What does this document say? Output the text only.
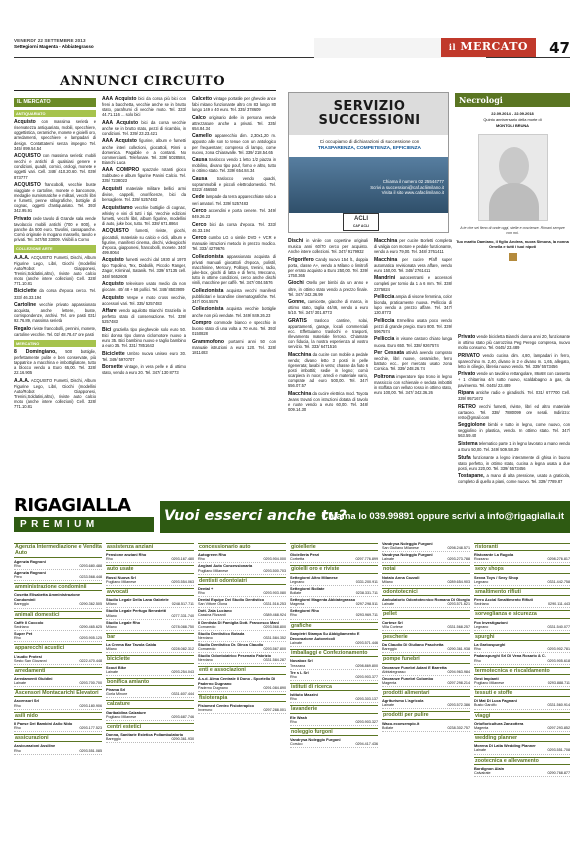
VENERDI' 22 SETTEMBRE 2013
Settegiorni Magenta - Abbiategrasso	il MERCATO	47
ANNUNCI CIRCUITO
IL MERCATO
ANTIQUARIATO

Acquisto con massima serietà e riservatezza antiquariato, mobili, specchiere, oggettistica, ceramiche, monete e gioielli oro, arredamenti, specchiere e lampadari di design. Contattatemi senza impegno Tel. 345/ 899.54.54

ACQUISTO con massima serietà: mobili vecchi e antichi di qualsiasi genere e condizioni, quadri, cornici, orologi, monete e oggetti vari. Cell. 348/ 410.20.60. Tel. 039/ 873777

ACQUISTO francobolli, vecchie buste viaggiate e cartoline, monete e banconote, medaglie numismatiche e militari, vecchi libri e fumetti, penne stilografiche, bottiglie di cognac, oggetti d'antiquariato. Tel. 393/ 342.95.91

Privato cede tavolo di Grande sala vende tavolaccio mobili antichi (700 e 800), e panche da 500 euro. Tavolini, cassapanche. Comò originale in mogano massello, tavolo e privati. Tel. 347/50 33009. Visibili a Corno

COLLEZIONE ARTE

A.A.A. ACQUISTO Fumetti, Dischi, Album Figurine Lego, Libri, Giochi (modellini Auto/Robot Giapponesi, Trenini,Soldatini,altro), riviste auto calcio moto (anche intere collezioni) Cell. 328/ 771.10.81

Biciclette da corsa d'epoca cerco. Tel. 333/ 46.33.194

Cartoline vecchie privato appassionato acquista, anche lettere, buste, corrispondenze, archivi. Tel. ore pasti 031/ 92.76.89, massima serietà

Regalo riviste francobolli, pennini, monete, cartoline vecchie. Tel. 02/ 48.78.47 ore pasti

MERCATINO

8 Domingiano, 500 bottiglie, perfettamente pulite e ben conservate, più tappatrice a macchina e imbottigliatore, tutto a blocco vendo a Euro 65,00. Tel. 328/ 22.16.905

A.A.A. ACQUISTO Fumetti, Dischi, Album Figurine Lego, Libri, Giochi (modellini Auto/Robot Giapponesi, Trenini,Soldatini,altro), riviste auto calcio moto (anche intere collezioni) Cell. 328/ 771.10.81

AAA Acquisto bici da corsa più bici con freni a bacchetta, vecchie anche se in brutto stato, parafrumi di vecchie moto. Tel. 333/ 44.71.116 ... solo bici

AAA Acquisto bici da corsa vecchie anche se in brutto stato, pezzi di ricambio, in condizioni. Tel. 339/ 23.23.421

AAA Acquisto figurine, album e fumetti anche interi collezioni, giocattoli, Rinni o domenica. Pagabile e a contanti. No commercianti. Telefonare. Tel. 339/ 5028584, Bianchi Luca

AAA COMPRO spazzole rotanti gioco Subbuteo e album figurine Panini Calcio. Tel. 335/ 7238023

Acquisti materiale militare bellici armi divise, cappelli, onorificenze, bici da bersagliere. Tel. 339/ 5257483

Acquistiamo vecchie bottiglie di cognac, whisky e vini di tutti i tipi. Vecchie edizioni fumetti, vecchi libri, album figurine, modellini di auto, juke box, tutto. Tel. 338/ 671.8864

ACQUISTO fumetti, riviste, giochi, giocattoli, materiale su calcio e cicli, album e figurine, manifesti cinema, dischi, videogiochi d'epoca, giapponesi, francobolli, monete. 340/ 499.8064

Acquisto fumetti vecchi dal 1930 al 1970 tipo Topolino, Tex, Diabolik, Piccolo Ranger, Zagor, Kriminal, Satanik. Tel. 339/ 57135 cell. 348/ 5652608

Acquisto televisore usato medio da non giocare. 40/ 48 + 58 pollici. Tel. 348/ 8503909

Acquisto Vespe e moto cross vecchie, accessori vari. Tel. 335/ 5257483

Affare vendo aquilotto Bianchi Graziella in perfetto stato di conservazione. Tel. 339/ 5257483

Bici graziella tipo pieghevole solo euro 50. Bici donna tipo donna ciclomotore nuovo a euro 35. Bici bambino nuovo e taglio bambino a euro 35. Tel. 331/ 7851643

Biciclette Umbro nuova unisex euro 30. Tel. 349/ 5970707

Borsette vintage, in vera pelle e di ottimo stato, vendo a euro 20. Tel. 347/ 130 8773

Calcetto vintage portatile per ghevole ance fabi mitano funzionante altro cm 83 lungo 80 lungo 149 x 40 euro. Tel. 335/ 378609

Calco originario delle in persona vende attrezzature anche a privati. Tel. 335/ 654.84.34

Camello apparecchio dim. 2,30x1,20 m. apposto alle son to tenue con un antologico per frequentare; compreso di lampo, come nuovo, zona Chiaravalle. Tel. 339/ 218.54.65

Causa traslocco vendo 1 letto 1/2 piazza in mobilino, divano tipo pouf, forno e altro, tutto in ottimo stato. Tel. 339/ 654.84.34

Causa traslocco vendo quadri, soprammobili e piccoli elettrodomestici. Tel. 0322/ 456550

Cede lampade da terra apparecchiate solo a veri amatori. Tel. 339/ 5257483

Cerco accendini e porta cenere. Tel. 349/ 849.26.23

Cerco bici da corsa d'epoca. Tel. 333/ 46.33.194

Cerco cumbo LG o simile DVD + VCR e manuale istruzioni metodo in prezzo modico. Tel. 333/ 4279676

Collezionista appassionato acquista di privati manuali giocattoli d'epoca, polistil, macchinine, Mercury, Politoys, trenini, radio, juke-box, giochi di latta e di ferro, Meccano, tutto in ottime condizioni, cerco anche dischi vinili, macchine per caffè. Tel. 347/ 004.5576

Collezionista acquista vecchi manifesti pubblicitari e locandine cinematografiche. Tel. 347/ 004.5576

Collezionista acquista vecchie bottiglie anche non più vendute. Tel. 349/ 849.26.23

Compro commode bianco e specchio in buono stato di una volta a 70 euro. Tel. 393/ 0150828

Grammofono portarmi anni 50 con manuale istruzioni a euro 120. Tel. 328/ 1811483

SERVIZIO SUCCESSIONI
Ci occupiamo di dichiarazioni di successione con
TRASPARENZA, COMPETENZA, EFFICIENZA
Chiama il numero 02 25544777
Scrivi a successioni@caf.acliimilano.it
Visita il sito www.cafaclimilano.it
ACLI
CAF ACLI

Dischi in vinile con copertine originali musica anni 60/70 cerco per acquisto. Anche intere collezioni. Tel. 347/ 9179932

Frigorifero Candy nuovo 154 lt., doppia porta, classe A+, vendo a Milano o limitrofi per errato acquisto a Euro 250,00. Tel. 339/ 1750.365

Giochi Otello per bimbi da un anno e oltre, in ottimo stato vendo a prezzo finale. Tel. 347/ 342.36.99

Gonne, camicette, giacche di marca, in ottimo stato, taglia 44/46, vendo a euro 5/10. Tel. 347/ 301.8773

GRATIS trasloco cantine, solai, appartamenti, garage, locali commerciali ecc. Effettuiamo traslochi e trasporti, rilevamento materiale ferroso. Chiamate con fiducia, la nostra esperienza al vostro servizio. Tel. 333/ 6471516

Macchina da cucire con mobile a pedale vendo; divano letto 3 posti in pelle rigenerata; lavabi in vetro; chasse da fiuto 6 posti imbottiti; sedie in legno; comò scarpiera in noce; arredi e materiale vario, comprate ad euro 500,00. Tel. 347/ 556.07.57

Macchina da cucire elettrica mod. Toyota Jeans trovati con istruzioni dotata di tavolo e ruote vendo a euro 60,00. Tel. 348/ 009.14.30

Macchina per cucire Borletti completa di valigia con motore e pedale funzionante, vendo a euro 79,00. Tel. 348/ 3761411

Macchina per cucire Pfaff super automatica revisionata vera affare, vendo euro 150,00. Tel. 348/ 2761411

Mandrini autocentranti e accessori completi per tornio da 1 a 6 mm. Tel. 338/ 2375824

Pelliccia ampia di visone femmina, color bionda, praticamente nuova. Pelliccia di lupo vendo a prezzo affare. Tel. 347/ 130.8773

Pelliccia Ermellino usata poco vendo pezzi di grande pregio. Euro 800. Tel. 339/ 5967574

Pelliccia in visone castoro chiaro lunga nuova. Euro 650. Tel. 338/ 9267574

Per Cessata attività avendo comprato vecchie, libri nuove, ceramiche, ferro battuto ecc.. per mercato usato zona Corsica. Tel. 339/ 248.26.74

Poltrona imperatore tipo trono in legno massiccio con schienale e seduta imbottiti in stoffata con velluto rosso in ottimo stato, euro 100,00. Tel. 347/ 342.36.26

Privato vende bicicletta Bianchi donna anni 20, funzionante in ottimo stato più carrozzina Peg Perego compresa, nuovo molto consumo. Tel. 0445/ 23.489

PRIVATO vendo cucina dim. 4,80, lampadari in ferro, sparecchino m. 2,40, divano in 2 e divano m. 1,65, allegato, letto in ciliegio, libreria nuovo vendo. Tel. 339/ 5573456

Privato vende un tavolino rettangolare, 86x68 con cassetto + 1 chitarrina 4/4 sotto nuovo, scaldabagno a gas, da pavimento. Tel. 0445/ 23.489

Ripara antiche radio e giradischi. Tel. 031/ 677700 Cell. 339/ 9571672

RETRO vecchi fumetti, riviste, libri ed altro materiale cartaceo. Tel. 338/ 7880099 ore serali. Indirizzo: retro@gmail.com

Seggiolone bimbi e tutto in legno, come nuovo, con seggiolino in plastica, vendo. In ottimo stato. Tel. 347/ 563.59.40

Sistema telematico parte 1 in legno lavorato a mano vendo a Euro 50,00. Tel. 349/ 509.58.39

Stufa funzionante a legno interamente di ghisa in buono stato perfetto, in ottimo stato, cucina a legna usata a due posti, euro 220,00. Tel. 339/ 5573456

Tostapane, a mano di alta pressione, usato a graticola, completo di quello a piani, come nuovo. Tel. 339/ 7789.87

Necrologi
22.09.2014 - 22.09.2018
Quinto anniversario della morte di
MONTOLI BRUNA
A te che sei fieno di onde oggi, stelle e coscienze. Rimani sempre con noi.
Tuo marito Damiano, il figlio Andrea, nuora Simona, la nonna Ornella e tutti i tuoi nipoti
RIGAGIALLA
PREMIUM
Vuoi esserci anche tu?
Chiama lo 039.99891 oppure scrivi a info@rigagialla.it
Agenzia Intermediazione e Vendita Auto
Agenzia Rognoni
Rho	0293.680.488
Agenzia Rognoni
Pero	0233.568.448
amministrazione condominii
Cosetta Elisabetta Amministrazione Condominii
Bareggio	0290.362.505
animali domestici
Caffè Il Coccolo
Sedriano	0290.465.625
Super Pet
Rho	0293.905.125
apparecchi acustici
L'audio Protesi
Sesto San Giovanni	0222.470.448
arredamenti
Arredamenti Giuldini
Lainate	0293.700.700
Ascensori Montacarichi Elevatori
Ascensori Srl
Rho	0293.180.906
asili nido
Il Paese Dei Bambini Asilo Nido
Rho	0293.177.523
assicurazioni
Assicurazioni Assiline
Rho	0293.551.085
assistenza anziani
Pensione anziani Rho
Rho	0293.167.480
auto usate
Rossi Nuova Srl
Pogliano Milanese	0293.554.063
avvocati
Studio Legale Della Lana Gabriele
Milano	0248.517.711
Studio Legale Perfugo Benedetti
Milano	0277.331.740
Studio Legale Rho
Milano	0278.088.750
bar
La Crema Bar Tavola Calda
Milano	0228.082.312
biciclette
Scout Bike
Lainate	0293.254.043
bonifica amianto
Pirama Srl
Gorla Minore	0331.607.444
calzature
Garibaldina Calzature
Pogliano Milanese	0293.687.746
centri estetici
Donna, Sanitarie Estetica Poliambulatorio
Bareggio	0290.361.930
concessionario auto
Autogreen Rho
Rho	0293.904.000
Anglani Auto Concessionaria
Pogliano Milanese	0293.500.703
dentisti odontoiatri
Dental +
Rho	0293.903.080
Dental Equipe Dei Studio Dentistico
San Vittore Olona	0331.516.253
Dott. Zaia Luciano
Cassina Rizzardi	0389.468.924
Il Dentista Di Famiglia Dott. Francesco Mani
Cornaredo	0293.568.800
Studio Dentistico Botada
Nerviano	0331.584.352
Studio Dentistico Dr. Dinca Claudio
Cornaredo	0293.567.800
Studio Odontoiatrico Pesenato Fabrizio
Nerviano	0331.584.287
enti e associazioni
A.s.d. Alma Centrale Il Dono - Sportello Di Paderno Dugnano
Paderno Dugnano	0291.084.890
fisioterapia
Fisiomed Centro Fisioterapico
Inveruno	0297.288.001
gioiellerie
Gioielleria Perzi
Corbetta	0297.776.899
gioielli oro e riviste
Settegiorni Altro Milanese
Legnano	0331.200.911
Settegiorni Bollate
Bollate	0238.331.711
Settegiorni Magenta Abbiategrasso
Magenta	0297.298.511
Settegiorni Rho
Rho	0293.969.711
grafiche
Sanpietri Stampa Su Abbigliamento E Decorazione Autoveicoli
Lainate	0293.571.446
imballaggi e Confezionamento
Novabox Srl
Trezzana	0298.869.800
Tre s L Srl
Rho	0293.903.377
istituti di ricerca
Istituto Mazzini
Rho	0293.303.137
lavanderie
Ele Wash
Rho	0293.903.327
noleggio furgoni
Vandrysa Noleggio Furgoni
Corsico	0294.417.436
Vandrysa Noleggio Furgoni
San Giuliano Milanese	0298.248.571
Vandrysa Noleggio Furgoni
Lainate	0293.273.788
notai
Notaio Anna Cozzoli
Milano	0289.654.903
odontotecnici
Ambulatorio Odontotecnico Romano Di Giorgio
Lainate	0293.571.621
pellet
Cortese Srl
Villa Cortese	0331.568.257
pescherie
Da Claudio Di Giuliano Paschetta
Bareggio	0290.361.938
pompe funebri
Onoranze Funebri Adani E Barretta
Abbiategrasso	0294.963.984
Onoranze Funebri Colombo
Magenta	0297.298.214
prodotti alimentari
Agriturismo L'agricola
Lainate	0293.572.386
prodotti per pulire
Waco.ecoesempio.it
Bollate	0238.302.757
ristoranti
Ristorante La Rugola
Rozzano	0298.276.817
sexy shops
Sexxa Toys / Sexy Shop
Legnano	0331.442.758
smaltimento rifiuti
Ferro Accial Smaltimento Rifiuti
Sedriano	0290.111.443
sorveglianza e sicurezza
Fox Investigazioni
Legnano	0331.540.077
spurghi
La Garbospurghi
Rho	0293.902.781
Padanspurghi Srl Di Vena Rosario & C.
Rho	0293.905.618
termotecnica e riscaldamento
Gest Impianti
Pogliano Milanese	0293.888.711
tessuti e stoffe
Di Mat Di Luca Fagnani
Busto Garolfo	0331.560.914
viaggi
Ortofloricultura Zanzottera
Magenta	0297.293.852
wedding planner
Morena Di Latia Wedding Planner
Lainate	0293.551.708
zootecnica e allevamento
Bordignon Alain
Calvairate	0290.768.877
